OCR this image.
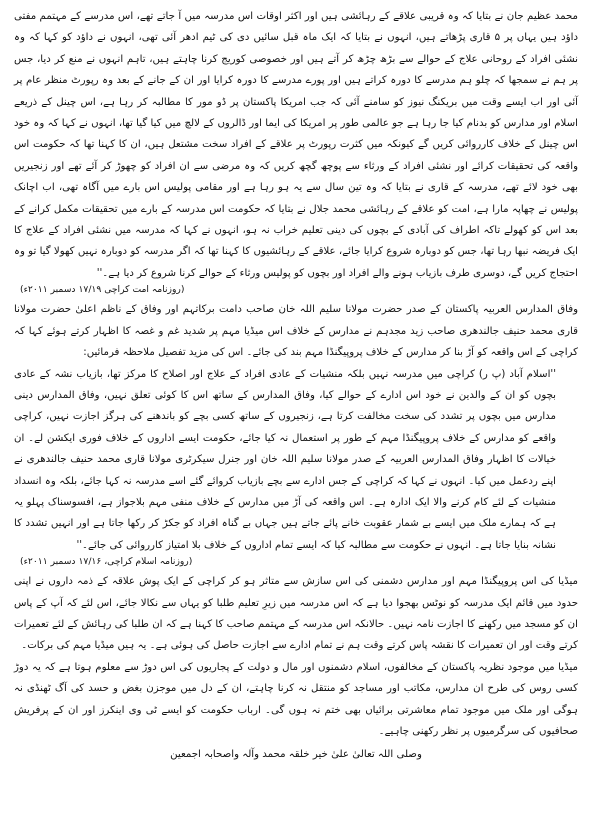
محمد عظیم جان نے بتایا کہ وہ قریبی علاقے کے رہائشی ہیں اور اکثر اوقات اس مدرسہ میں آ جاتے تھے، اس مدرسے کے مہتمم مفتی داؤد ہیں یہاں پر ۵ قاری پڑھاتے ہیں، انہوں نے بتایا کہ ایک ماہ قبل سائیں دی کی ٹیم ادھر آئی تھی، انہوں نے داؤد کو کہا کہ وہ نشئی افراد کے روحانی علاج کے حوالے سے بڑھ چڑھ کر آتے ہیں اور خصوصی کوریج کرنا چاہتے ہیں، تاہم انہوں نے منع کر دیا، جس پر ہم نے سمجھا کہ چلو ہم مدرسے کا دورہ کراتے ہیں اور پورے مدرسے کا دورہ کرایا اور ان کے جانے کے بعد وہ رپورٹ منظر عام پر آئی اور اب ایسے وقت میں بریکنگ نیوز کو سامنے آئی کہ جب امریکا پاکستان پر ڈو مور کا مطالبہ کر رہا ہے، اس چینل کے ذریعے اسلام اور مدارس کو بدنام کیا جا رہا ہے جو عالمی طور پر امریکا کی ایما اور ڈالروں کے لالچ میں کیا گیا تھا، انہوں نے کہا کہ وہ خود اس چینل کے خلاف کارروائی کریں گے کیونکہ میں کثرت رپورٹ پر علاقے کے افراد سخت مشتعل ہیں، ان کا کہنا تھا کہ حکومت اس واقعہ کی تحقیقات کرائے اور نشئی افراد کے ورثاء سے پوچھ گچھ کریں کہ وہ مرضی سے ان افراد کو چھوڑ کر آئے تھے اور زنجیریں بھی خود لائے تھے، مدرسہ کے قاری نے بتایا کہ وہ تین سال سے یہ ہو رہا ہے اور مقامی پولیس اس بارے میں آگاہ تھی، اب اچانک پولیس نے چھاپہ مارا ہے، امت کو علاقے کے رہائشی محمد جلال نے بتایا کہ حکومت اس مدرسہ کے بارے میں تحقیقات مکمل کرانے کے بعد اس کو کھولے تاکہ اطراف کی آبادی کے بچوں کی دینی تعلیم خراب نہ ہو، انہوں نے کہا کہ مدرسہ میں نشئی افراد کے علاج کا ایک فریضہ نبھا رہا تھا، جس کو دوبارہ شروع کرایا جائے، علاقے کے رہائشیوں کا کہنا تھا کہ اگر مدرسہ کو دوبارہ نہیں کھولا گیا تو وہ احتجاج کریں گے، دوسری طرف بازیاب ہونے والے افراد اور بچوں کو پولیس ورثاء کے حوالے کرنا شروع کر دیا ہے۔''

(روزنامہ امت کراچی ۱۷/۱۹ دسمبر ۲۰۱۱ء)

وفاق المدارس العربیہ پاکستان کے صدر حضرت مولانا سلیم اللہ خان صاحب دامت برکاتہم اور وفاق کے ناظم اعلیٰ حضرت مولانا قاری محمد حنیف جالندھری صاحب زید مجدہم نے مدارس کے خلاف اس میڈیا مہم پر شدید غم و غصہ کا اظہار کرتے ہوئے کہا کہ کراچی کے اس واقعہ کو آڑ بنا کر مدارس کے خلاف پروپیگنڈا مہم بند کی جائے۔ اس کی مزید تفصیل ملاحظہ فرمائیں:

''اسلام آباد (پ ر) کراچی میں مدرسہ نہیں بلکہ منشیات کے عادی افراد کے علاج اور اصلاح کا مرکز تھا، بازیاب نشہ کے عادی بچوں کو ان کے والدین نے خود اس ادارے کے حوالے کیا، وفاق المدارس کے ساتھ اس کا کوئی تعلق نہیں، وفاق المدارس دینی مدارس میں بچوں پر تشدد کی سخت مخالفت کرتا ہے، زنجیروں کے ساتھ کسی بچے کو باندھنے کی ہرگز اجازت نہیں، کراچی واقعے کو مدارس کے خلاف پروپیگنڈا مہم کے طور پر استعمال نہ کیا جائے، حکومت ایسے اداروں کے خلاف فوری ایکشن لے۔ ان خیالات کا اظہار وفاق المدارس العربیہ کے صدر مولانا سلیم اللہ خان اور جنرل سیکرٹری مولانا قاری محمد حنیف جالندھری نے اپنے ردعمل میں کیا۔ انہوں نے کہا کہ کراچی کے جس ادارے سے بچے بازیاب کروائے گئے اسے مدرسہ نہ کہا جائے، بلکہ وہ انسداد منشیات کے لئے کام کرنے والا ایک ادارہ ہے۔ اس واقعہ کی آڑ میں مدارس کے خلاف منفی مہم بلاجواز ہے، افسوسناک پہلو یہ ہے کہ ہمارے ملک میں ایسے بے شمار عقوبت خانے پائے جاتے ہیں جہاں بے گناہ افراد کو جکڑ کر رکھا جاتا ہے اور انہیں تشدد کا نشانہ بنایا جاتا ہے۔ انہوں نے حکومت سے مطالبہ کیا کہ ایسے تمام اداروں کے خلاف بلا امتیاز کارروائی کی جائے۔''

(روزنامہ اسلام کراچی، ۱۷/۱۶ دسمبر ۲۰۱۱ء)

میڈیا کی اس پروپیگنڈا مہم اور مدارس دشمنی کی اس سازش سے متاثر ہو کر کراچی کے ایک پوش علاقہ کے ذمہ داروں نے اپنی حدود میں قائم ایک مدرسہ کو نوٹس بھجوا دیا ہے کہ اس مدرسہ میں زیرِ تعلیم طلبا کو یہاں سے نکالا جائے، اس لئے کہ آپ کے پاس ان کو مسجد میں رکھنے کا اجازت نامہ نہیں۔ حالانکہ اس مدرسہ کے مہتمم صاحب کا کہنا ہے کہ ان طلبا کی رہائش کے لئے تعمیرات کرتے وقت اور ان تعمیرات کا نقشہ پاس کرتے وقت ہم نے تمام ادارے سے اجازت حاصل کی ہوئی ہے۔ یہ ہیں میڈیا مہم کی برکات۔

میڈیا میں موجود نظریہ پاکستان کے مخالفوں، اسلام دشمنوں اور مال و دولت کے پجاریوں کی اس دوڑ سے معلوم ہوتا ہے کہ یہ دوڑ کسی روس کی طرح ان مدارس، مکاتب اور مساجد کو منتقل نہ کرنا چاہتے، ان کے دل میں موجزن بغض و حسد کی آگ ٹھنڈی نہ ہوگی اور ملک میں موجود تمام معاشرتی برائیاں بھی ختم نہ ہوں گی۔ ارباب حکومت کو ایسے ٹی وی اینکرز اور ان کے پرفریش صحافیوں کی سرگرمیوں پر نظر رکھنی چاہیے۔

وصلی اللہ تعالیٰ علیٰ خیر خلقہ محمد وآلہ واصحابہ اجمعین
